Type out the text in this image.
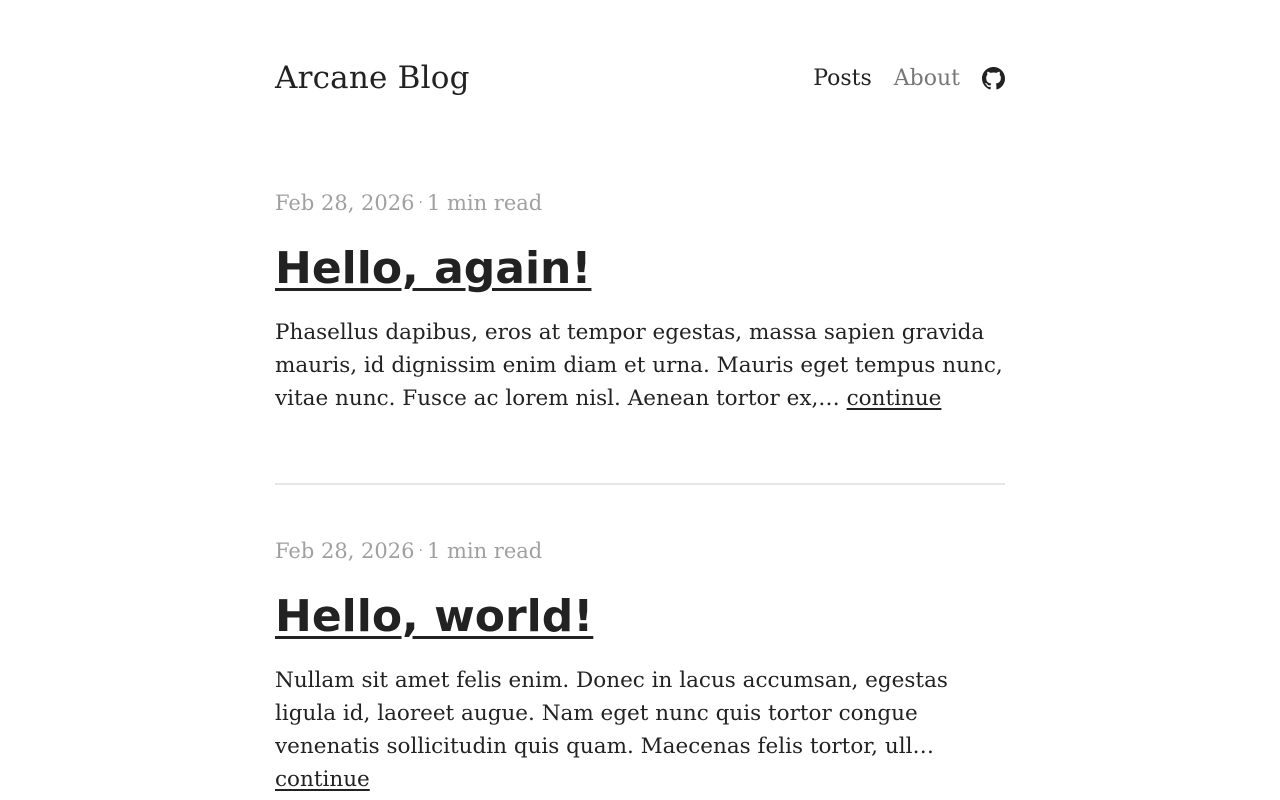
Arcane Blog	Posts About

Feb 28, 2026 · 1 min read

Hello, again!

Phasellus dapibus, eros at tempor egestas, massa sapien gravida mauris, id dignissim enim diam et urna. Mauris eget tempus nunc, vitae nunc. Fusce ac lorem nisl. Aenean tortor ex,… continue

Feb 28, 2026 · 1 min read

Hello, world!

Nullam sit amet felis enim. Donec in lacus accumsan, egestas ligula id, laoreet augue. Nam eget nunc quis tortor congue venenatis sollicitudin quis quam. Maecenas felis tortor, ull… continue
